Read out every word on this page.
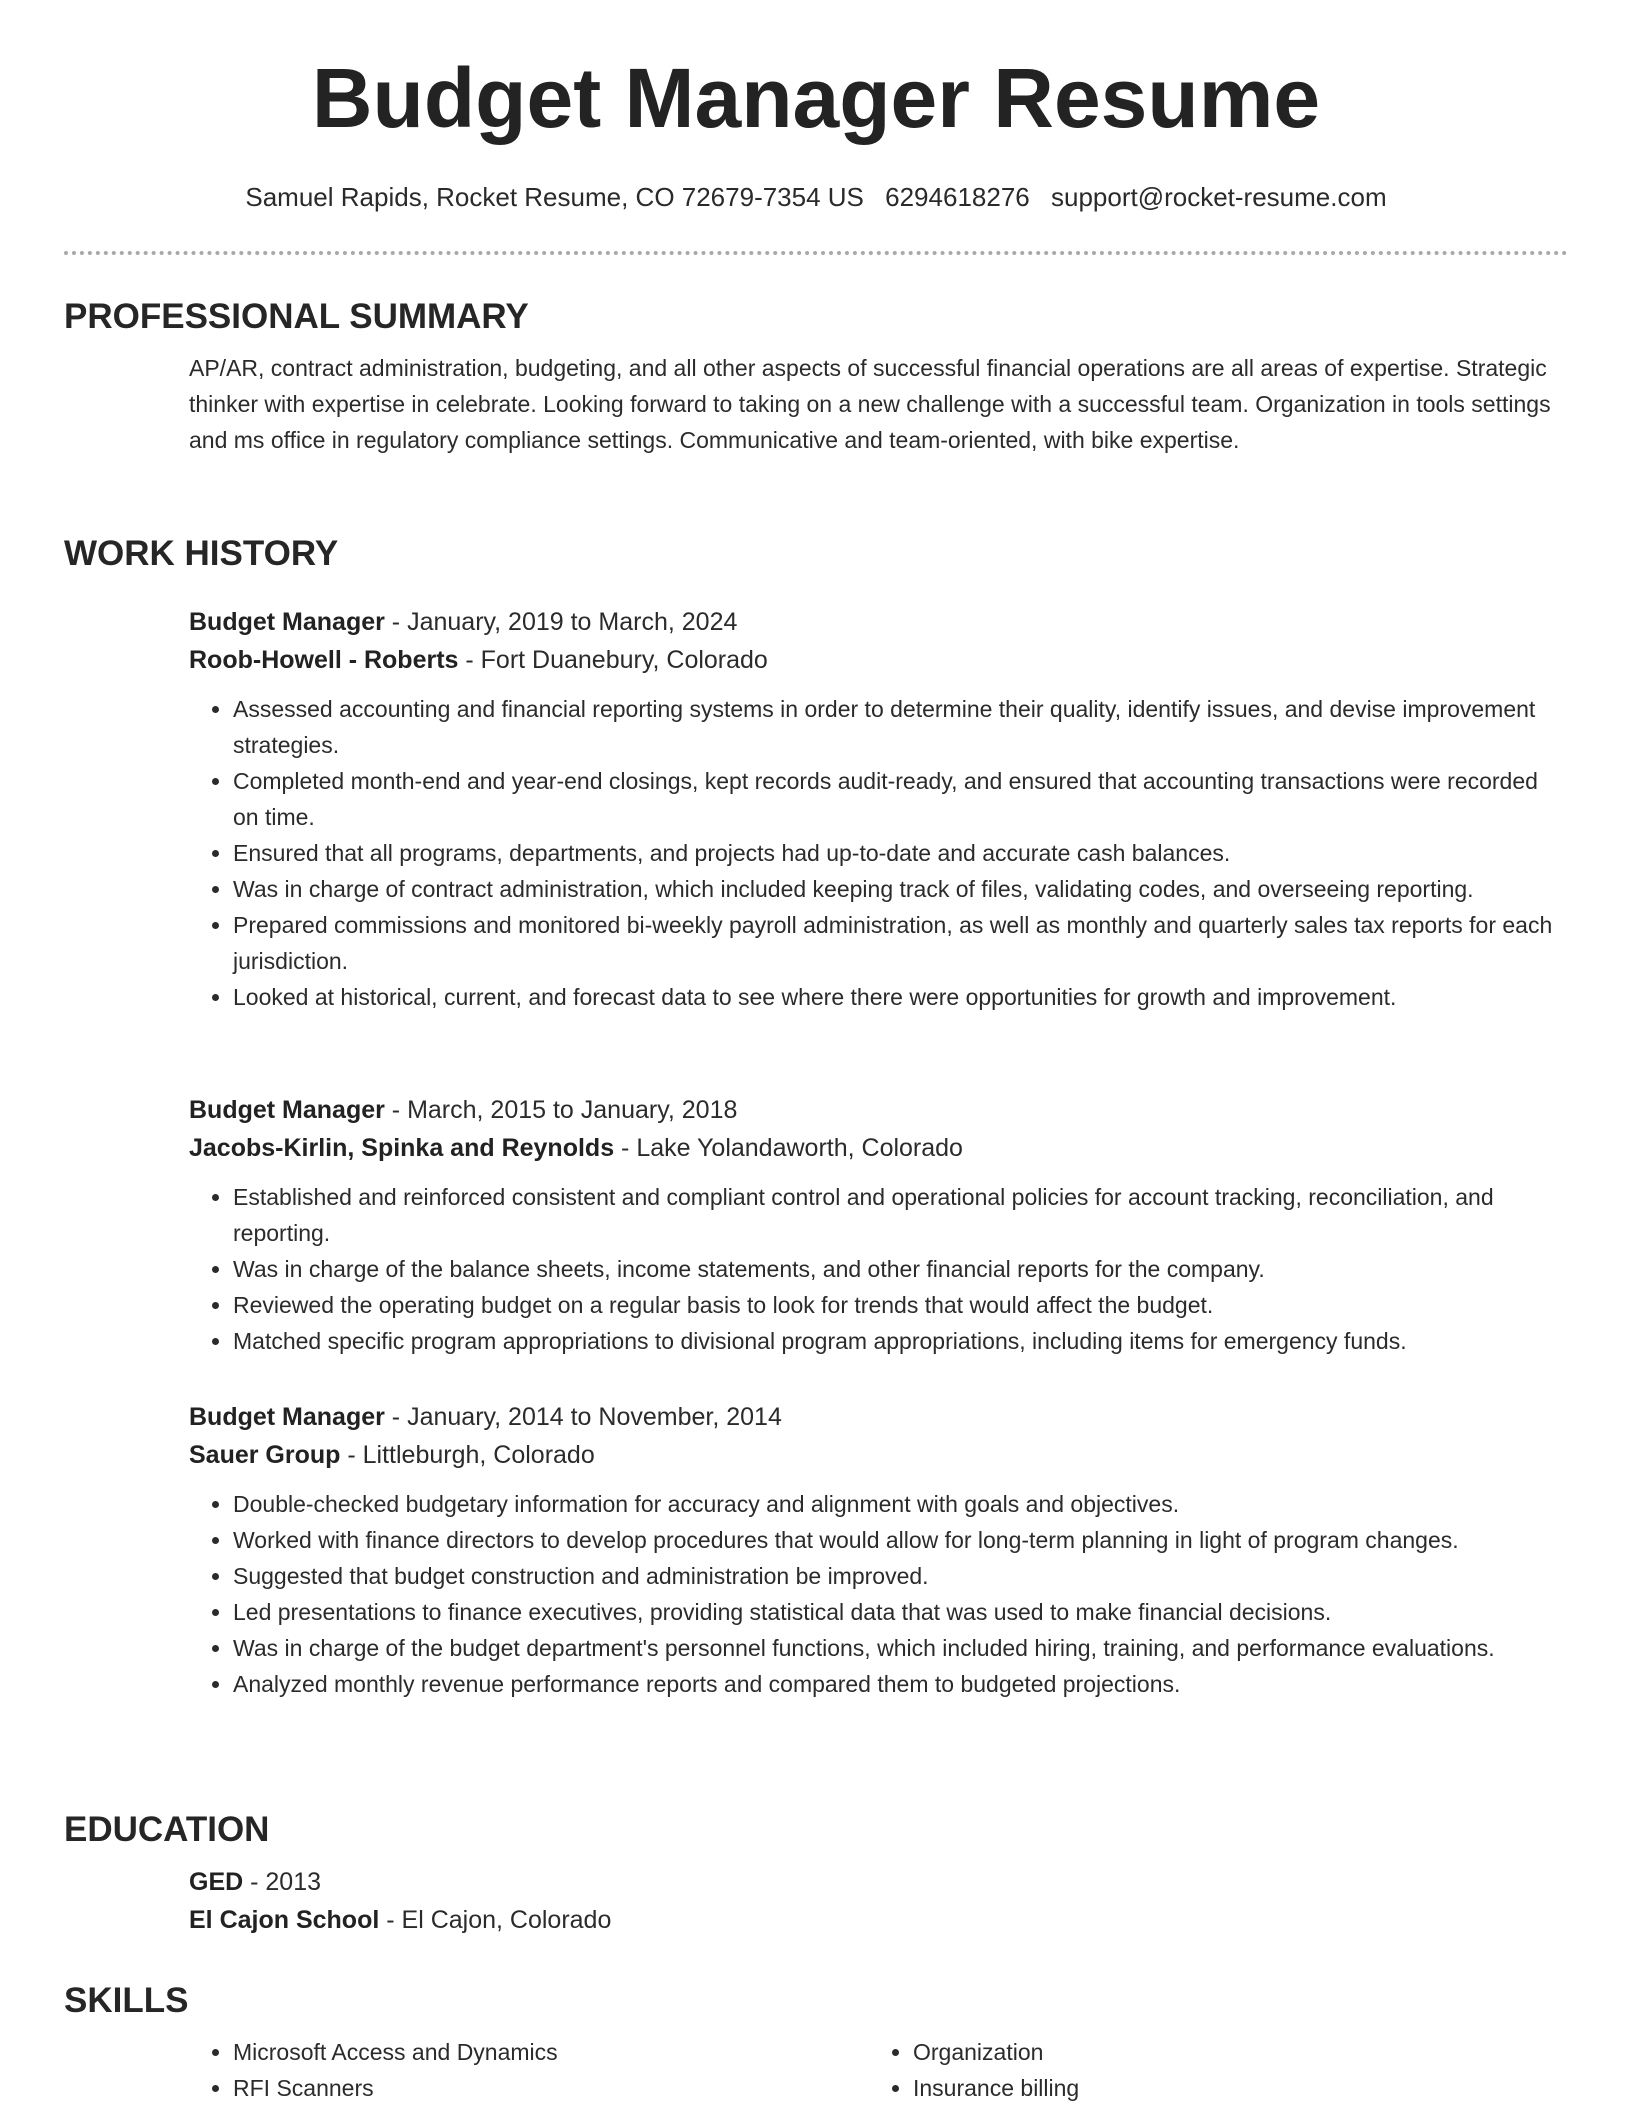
Budget Manager Resume
Samuel Rapids, Rocket Resume, CO 72679-7354 US 6294618276 support@rocket-resume.com
PROFESSIONAL SUMMARY

AP/AR, contract administration, budgeting, and all other aspects of successful financial operations are all areas of expertise. Strategic thinker with expertise in celebrate. Looking forward to taking on a new challenge with a successful team. Organization in tools settings and ms office in regulatory compliance settings. Communicative and team-oriented, with bike expertise.

WORK HISTORY
Budget Manager - January, 2019 to March, 2024
Roob-Howell - Roberts - Fort Duanebury, Colorado
• Assessed accounting and financial reporting systems in order to determine their quality, identify issues, and devise improvement strategies.
• Completed month-end and year-end closings, kept records audit-ready, and ensured that accounting transactions were recorded on time.
• Ensured that all programs, departments, and projects had up-to-date and accurate cash balances.
• Was in charge of contract administration, which included keeping track of files, validating codes, and overseeing reporting.
• Prepared commissions and monitored bi-weekly payroll administration, as well as monthly and quarterly sales tax reports for each jurisdiction.
• Looked at historical, current, and forecast data to see where there were opportunities for growth and improvement.
Budget Manager - March, 2015 to January, 2018
Jacobs-Kirlin, Spinka and Reynolds - Lake Yolandaworth, Colorado
• Established and reinforced consistent and compliant control and operational policies for account tracking, reconciliation, and reporting.
• Was in charge of the balance sheets, income statements, and other financial reports for the company.
• Reviewed the operating budget on a regular basis to look for trends that would affect the budget.
• Matched specific program appropriations to divisional program appropriations, including items for emergency funds.
Budget Manager - January, 2014 to November, 2014
Sauer Group - Littleburgh, Colorado
• Double-checked budgetary information for accuracy and alignment with goals and objectives.
• Worked with finance directors to develop procedures that would allow for long-term planning in light of program changes.
• Suggested that budget construction and administration be improved.
• Led presentations to finance executives, providing statistical data that was used to make financial decisions.
• Was in charge of the budget department's personnel functions, which included hiring, training, and performance evaluations.
• Analyzed monthly revenue performance reports and compared them to budgeted projections.
EDUCATION
GED - 2013
El Cajon School - El Cajon, Colorado
SKILLS
• Microsoft Access and Dynamics
• RFI Scanners
• Organization
• Insurance billing
